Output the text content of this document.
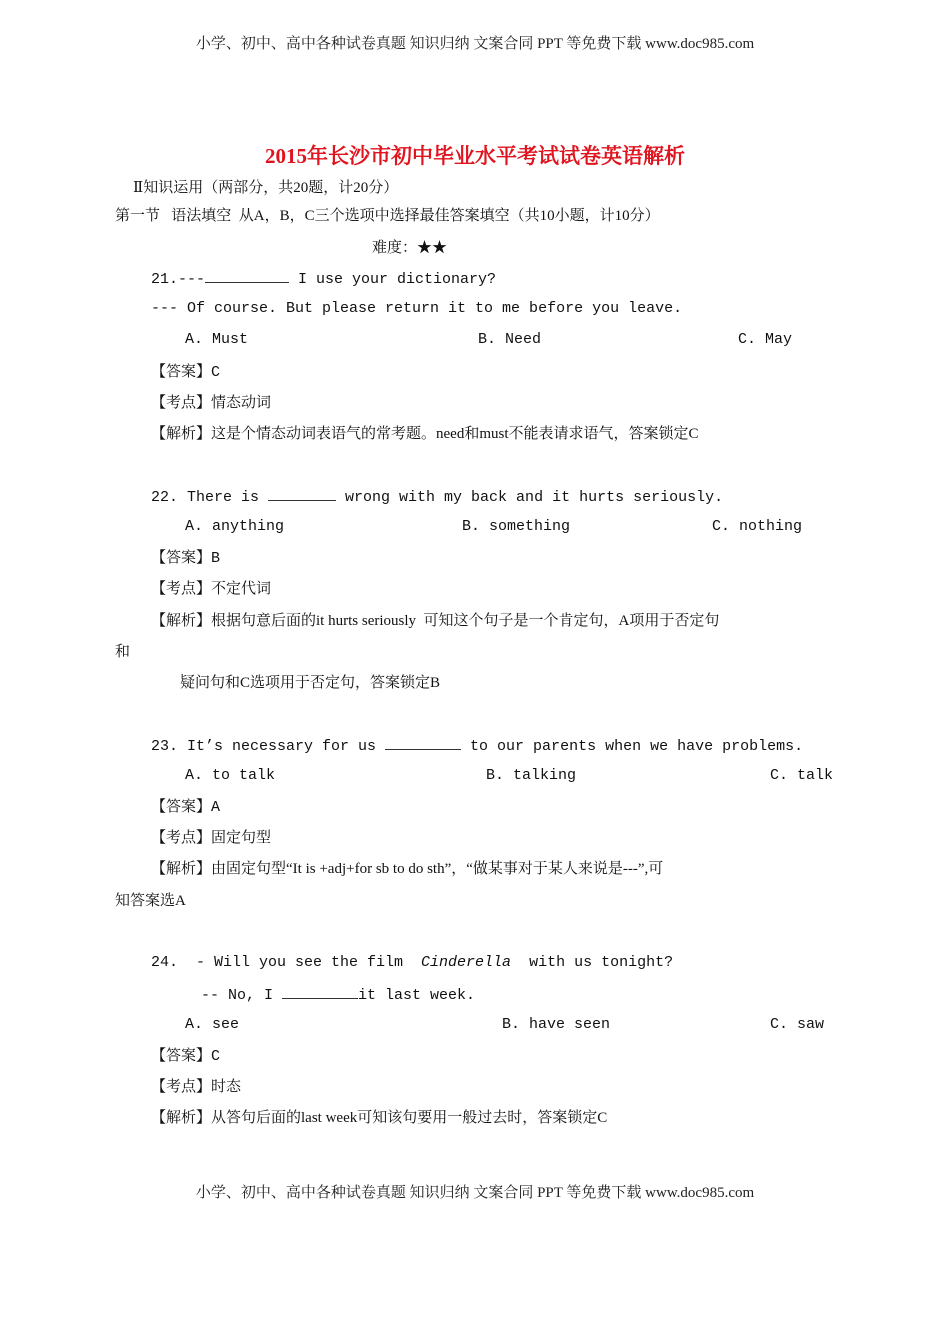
小学、初中、高中各种试卷真题 知识归纳 文案合同 PPT 等免费下载 www.doc985.com
2015年长沙市初中毕业水平考试试卷英语解析
Ⅱ知识运用（两部分，共20题，计20分）
第一节   语法填空  从A，B，C三个选项中选择最佳答案填空（共10小题，计10分）
难度：★★
21.---	I use your dictionary?
--- Of course. But please return it to me before you leave.
A. Must	B. Need	C. May
【答案】C
【考点】情态动词
【解析】这是个情态动词表语气的常考题。need和must不能表请求语气，答案锁定C
22. There is	wrong with my back and it hurts seriously.
A. anything	B. something	C. nothing
【答案】B
【考点】不定代词
【解析】根据句意后面的it hurts seriously  可知这个句子是一个肯定句，A项用于否定句
和
疑问句和C选项用于否定句，答案锁定B
23. It’s necessary for us	to our parents when we have problems.
A. to talk	B. talking	C. talk
【答案】A
【考点】固定句型
【解析】由固定句型“It is +adj+for sb to do sth”，“做某事对于某人来说是---”,可
知答案选A
24.  - Will you see the film  Cinderella  with us tonight?
-- No, I	it last week.
A. see	B. have seen	C. saw
【答案】C
【考点】时态
【解析】从答句后面的last week可知该句要用一般过去时，答案锁定C
小学、初中、高中各种试卷真题 知识归纳 文案合同 PPT 等免费下载 www.doc985.com
